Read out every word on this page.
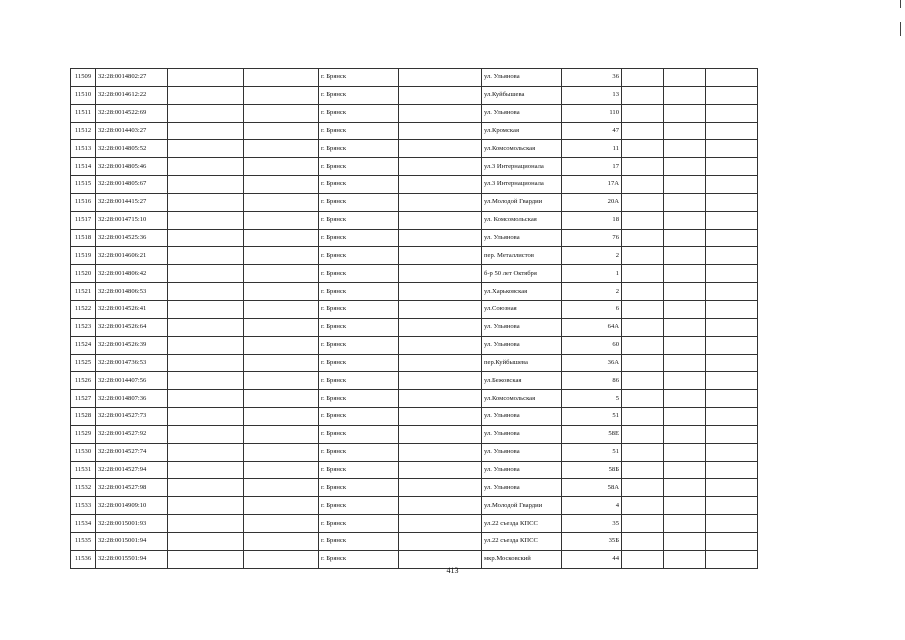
11509	32:28:0014802:27			г. Брянск		ул. Ульянова	36			
11510	32:28:0014612:22			г. Брянск		ул.Куйбышева	13			
11511	32:28:0014522:69			г. Брянск		ул. Ульянова	110			
11512	32:28:0014403:27			г. Брянск		ул.Кромская	47			
11513	32:28:0014805:52			г. Брянск		ул.Комсомольская	11			
11514	32:28:0014805:46			г. Брянск		ул.3 Интернационала	17			
11515	32:28:0014805:67			г. Брянск		ул.3 Интернационала	17А			
11516	32:28:0014415:27			г. Брянск		ул.Молодой Гвардии	20А			
11517	32:28:0014715:10			г. Брянск		ул. Комсомольская	18			
11518	32:28:0014525:36			г. Брянск		ул. Ульянова	76			
11519	32:28:0014606:21			г. Брянск		пер. Металлистов	2			
11520	32:28:0014806:42			г. Брянск		б-р 50 лет Октября	1			
11521	32:28:0014806:53			г. Брянск		ул.Харьковская	2			
11522	32:28:0014526:41			г. Брянск		ул.Союзная	6			
11523	32:28:0014526:64			г. Брянск		ул. Ульянова	64А			
11524	32:28:0014526:39			г. Брянск		ул. Ульянова	60			
11525	32:28:0014736:53			г. Брянск		пер.Куйбышева	36А			
11526	32:28:0014407:56			г. Брянск		ул.Бежовская	86			
11527	32:28:0014807:36			г. Брянск		ул.Комсомольская	5			
11528	32:28:0014527:73			г. Брянск		ул. Ульянова	51			
11529	32:28:0014527:92			г. Брянск		ул. Ульянова	58Е			
11530	32:28:0014527:74			г. Брянск		ул. Ульянова	51			
11531	32:28:0014527:94			г. Брянск		ул. Ульянова	58Б			
11532	32:28:0014527:98			г. Брянск		ул. Ульянова	58А			
11533	32:28:0014909:10			г. Брянск		ул.Молодой Гвардии	4			
11534	32:28:0015001:93			г. Брянск		ул.22 съезда КПСС	35			
11535	32:28:0015001:94			г. Брянск		ул.22 съезда КПСС	35Б			
11536	32:28:0015501:94			г. Брянск		мкр.Московский	44			
413
